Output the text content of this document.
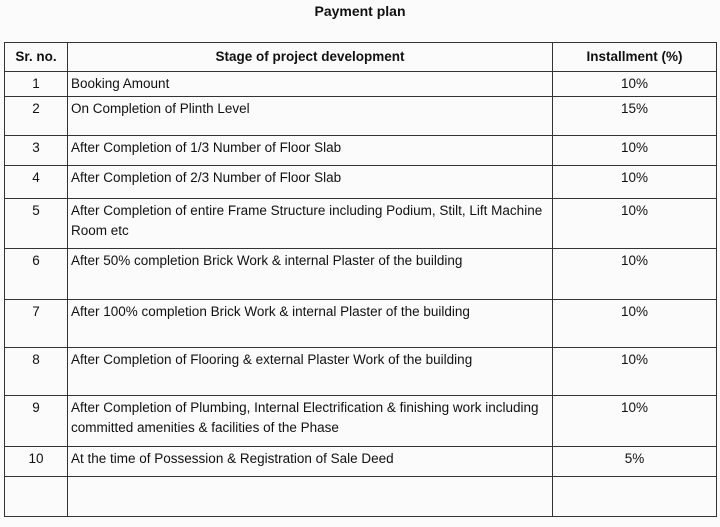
Payment plan
Sr. no.	Stage of project development	Installment (%)
1	Booking Amount	10%
2	On Completion of Plinth Level	15%
3	After Completion of 1/3 Number of Floor Slab	10%
4	After Completion of 2/3 Number of Floor Slab	10%
5	After Completion of entire Frame Structure including Podium, Stilt, Lift Machine Room etc	10%
6	After 50% completion Brick Work & internal Plaster of the building	10%
7	After 100% completion Brick Work & internal Plaster of the building	10%
8	After Completion of Flooring & external Plaster Work of the building	10%
9	After Completion of Plumbing, Internal Electrification & finishing work including committed amenities & facilities of the Phase	10%
10	At the time of Possession & Registration of Sale Deed	5%
